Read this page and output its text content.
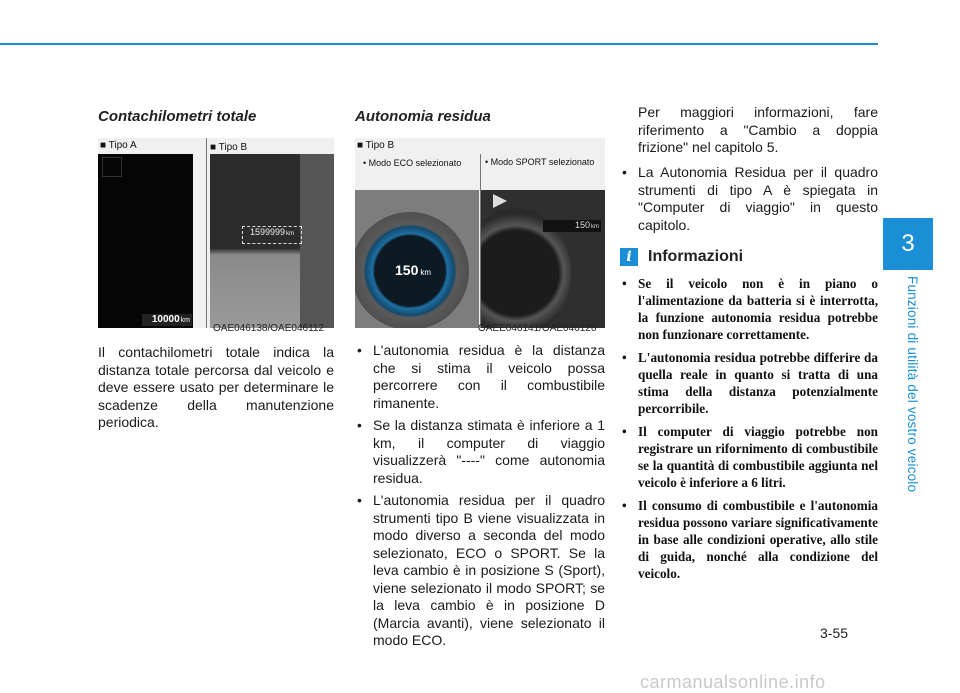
3
Funzioni di utilità del vostro veicolo
Contachilometri totale
■ Tipo A	■ Tipo B
10000 km
1599999 km
OAE046138/OAE046112

Il contachilometri totale indica la distanza totale percorsa dal veicolo e deve essere usato per determinare le scadenze della manutenzione periodica.

Autonomia residua
■ Tipo B
• Modo ECO selezionato	• Modo SPORT selezionato
150 km
150 km
OAEE046141/OAE046126
• L'autonomia residua è la distanza che si stima il veicolo possa percorrere con il combustibile rimanente.
• Se la distanza stimata è inferiore a 1 km, il computer di viaggio visualizzerà "----" come autonomia residua.
• L'autonomia residua per il quadro strumenti tipo B viene visualizzata in modo diverso a seconda del modo selezionato, ECO o SPORT. Se la leva cambio è in posizione S (Sport), viene selezionato il modo SPORT; se la leva cambio è in posizione D (Marcia avanti), viene selezionato il modo ECO.

Per maggiori informazioni, fare riferimento a "Cambio a doppia frizione" nel capitolo 5.

• La Autonomia Residua per il quadro strumenti di tipo A è spiegata in "Computer di viaggio" in questo capitolo.
i	Informazioni
• Se il veicolo non è in piano o l'alimentazione da batteria si è interrotta, la funzione autonomia residua potrebbe non funzionare correttamente.
• L'autonomia residua potrebbe differire da quella reale in quanto si tratta di una stima della distanza potenzialmente percorribile.
• Il computer di viaggio potrebbe non registrare un rifornimento di combustibile se la quantità di combustibile aggiunta nel veicolo è inferiore a 6 litri.
• Il consumo di combustibile e l'autonomia residua possono variare significativamente in base alle condizioni operative, allo stile di guida, nonché alla condizione del veicolo.
3-55
carmanualsonline.info
